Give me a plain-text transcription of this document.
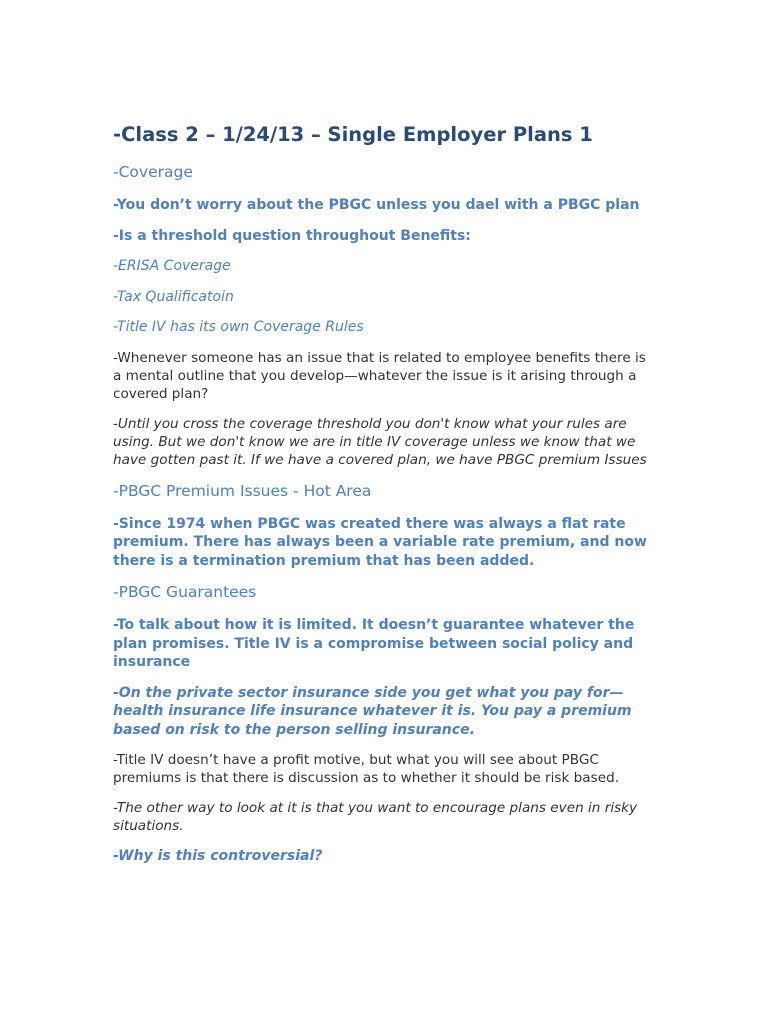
-Class 2 – 1/24/13 – Single Employer Plans 1
-Coverage
-You don’t worry about the PBGC unless you dael with a PBGC plan
-Is a threshold question throughout Benefits:
-ERISA Coverage
-Tax Qualificatoin
-Title IV has its own Coverage Rules
-Whenever someone has an issue that is related to employee benefits there is a mental outline that you develop—whatever the issue is it arising through a covered plan?
-Until you cross the coverage threshold you don't know what your rules are using. But we don't know we are in title IV coverage unless we know that we have gotten past it. If we have a covered plan, we have PBGC premium Issues
-PBGC Premium Issues - Hot Area
-Since 1974 when PBGC was created there was always a flat rate premium. There has always been a variable rate premium, and now there is a termination premium that has been added.
-PBGC Guarantees
-To talk about how it is limited. It doesn’t guarantee whatever the plan promises. Title IV is a compromise between social policy and insurance
-On the private sector insurance side you get what you pay for—health insurance life insurance whatever it is. You pay a premium based on risk to the person selling insurance.
-Title IV doesn’t have a profit motive, but what you will see about PBGC premiums is that there is discussion as to whether it should be risk based.
-The other way to look at it is that you want to encourage plans even in risky situations.
-Why is this controversial?
